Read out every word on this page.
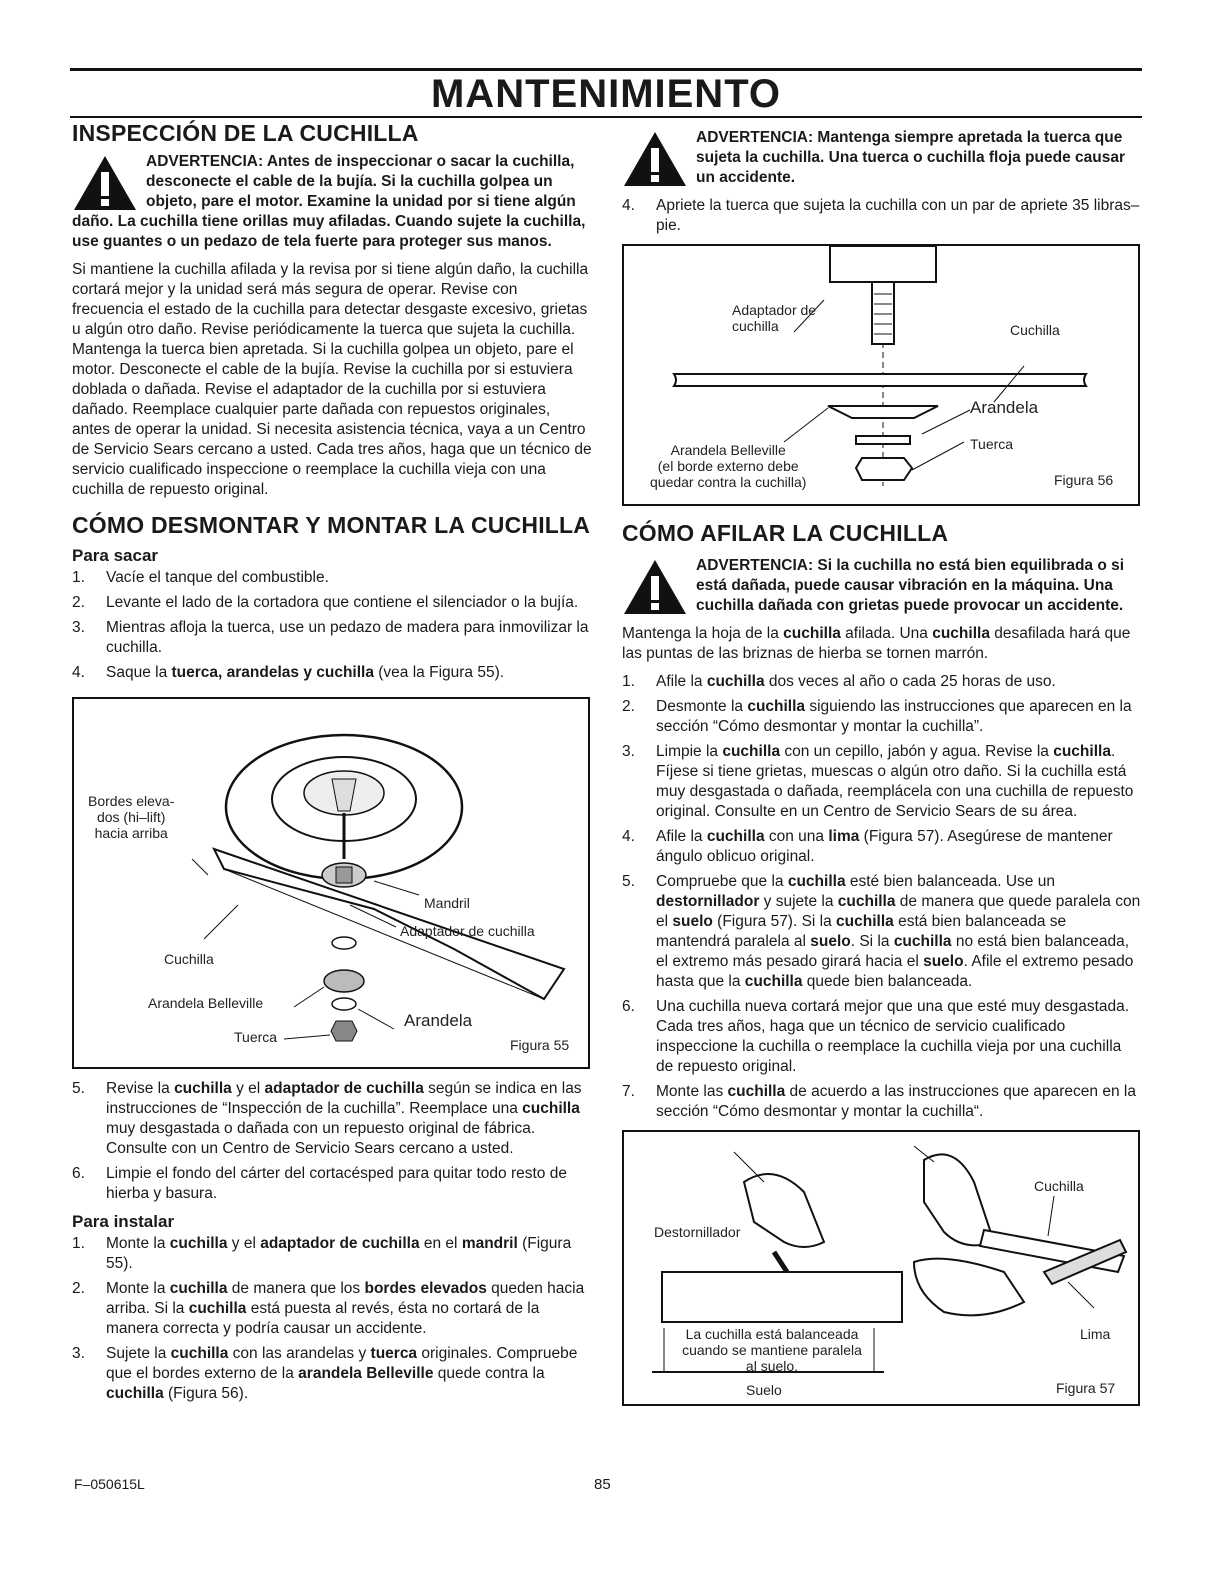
MANTENIMIENTO
INSPECCIÓN DE LA CUCHILLA
ADVERTENCIA: Antes de inspeccionar o sacar la cuchilla, desconecte el cable de la bujía. Si la cuchilla golpea un objeto, pare el motor. Examine la unidad por si tiene algún daño. La cuchilla tiene orillas muy afiladas. Cuando sujete la cuchilla, use guantes o un pedazo de tela fuerte para proteger sus manos.

Si mantiene la cuchilla afilada y la revisa por si tiene algún daño, la cuchilla cortará mejor y la unidad será más segura de operar. Revise con frecuencia el estado de la cuchilla para detectar desgaste excesivo, grietas u algún otro daño. Revise periódicamente la tuerca que sujeta la cuchilla. Mantenga la tuerca bien apretada. Si la cuchilla golpea un objeto, pare el motor. Desconecte el cable de la bujía. Revise la cuchilla por si estuviera doblada o dañada. Revise el adaptador de la cuchilla por si estuviera dañado. Reemplace cualquier parte dañada con repuestos originales, antes de operar la unidad. Si necesita asistencia técnica, vaya a un Centro de Servicio Sears cercano a usted. Cada tres años, haga que un técnico de servicio cualificado inspeccione o reemplace la cuchilla vieja con una cuchilla de repuesto original.

CÓMO DESMONTAR Y MONTAR LA CUCHILLA
Para sacar
1. Vacíe el tanque del combustible.
2. Levante el lado de la cortadora que contiene el silenciador o la bujía.
3. Mientras afloja la tuerca, use un pedazo de madera para inmovilizar la cuchilla.
4. Saque la tuerca, arandelas y cuchilla (vea la Figura 55).
Bordes eleva-
dos (hi–lift)
hacia arriba
Mandril
Adaptador de cuchilla
Cuchilla
Arandela Belleville
Arandela
Tuerca	Figura 55
5. Revise la cuchilla y el adaptador de cuchilla según se indica en las instrucciones de “Inspección de la cuchilla”. Reemplace una cuchilla muy desgastada o dañada con un repuesto original de fábrica. Consulte con un Centro de Servicio Sears cercano a usted.
6. Limpie el fondo del cárter del cortacésped para quitar todo resto de hierba y basura.
Para instalar
1. Monte la cuchilla y el adaptador de cuchilla en el mandril (Figura 55).
2. Monte la cuchilla de manera que los bordes elevados queden hacia arriba. Si la cuchilla está puesta al revés, ésta no cortará de la manera correcta y podría causar un accidente.
3. Sujete la cuchilla con las arandelas y tuerca originales. Compruebe que el bordes externo de la arandela Belleville quede contra la cuchilla (Figura 56).
ADVERTENCIA: Mantenga siempre apretada la tuerca que sujeta la cuchilla. Una tuerca o cuchilla floja puede causar un accidente.
4. Apriete la tuerca que sujeta la cuchilla con un par de apriete 35 libras–pie.
Adaptador de
cuchilla	Cuchilla
Arandela
Tuerca
Arandela Belleville
(el borde externo debe
quedar contra la cuchilla)	Figura 56
CÓMO AFILAR LA CUCHILLA
ADVERTENCIA: Si la cuchilla no está bien equilibrada o si está dañada, puede causar vibración en la máquina. Una cuchilla dañada con grietas puede provocar un accidente.

Mantenga la hoja de la cuchilla afilada. Una cuchilla desafilada hará que las puntas de las briznas de hierba se tornen marrón.

1. Afile la cuchilla dos veces al año o cada 25 horas de uso.
2. Desmonte la cuchilla siguiendo las instrucciones que aparecen en la sección “Cómo desmontar y montar la cuchilla”.
3. Limpie la cuchilla con un cepillo, jabón y agua. Revise la cuchilla. Fíjese si tiene grietas, muescas o algún otro daño. Si la cuchilla está muy desgastada o dañada, reemplácela con una cuchilla de repuesto original. Consulte en un Centro de Servicio Sears de su área.
4. Afile la cuchilla con una lima (Figura 57). Asegúrese de mantener ángulo oblicuo original.
5. Compruebe que la cuchilla esté bien balanceada. Use un destornillador y sujete la cuchilla de manera que quede paralela con el suelo (Figura 57). Si la cuchilla está bien balanceada se mantendrá paralela al suelo. Si la cuchilla no está bien balanceada, el extremo más pesado girará hacia el suelo. Afile el extremo pesado hasta que la cuchilla quede bien balanceada.
6. Una cuchilla nueva cortará mejor que una que esté muy desgastada. Cada tres años, haga que un técnico de servicio cualificado inspeccione la cuchilla o reemplace la cuchilla vieja por una cuchilla de repuesto original.
7. Monte las cuchilla de acuerdo a las instrucciones que aparecen en la sección “Cómo desmontar y montar la cuchilla“.
Destornillador
Cuchilla
La cuchilla está balanceada
cuando se mantiene paralela
al suelo.
Lima
Suelo	Figura 57
F–050615L	85
